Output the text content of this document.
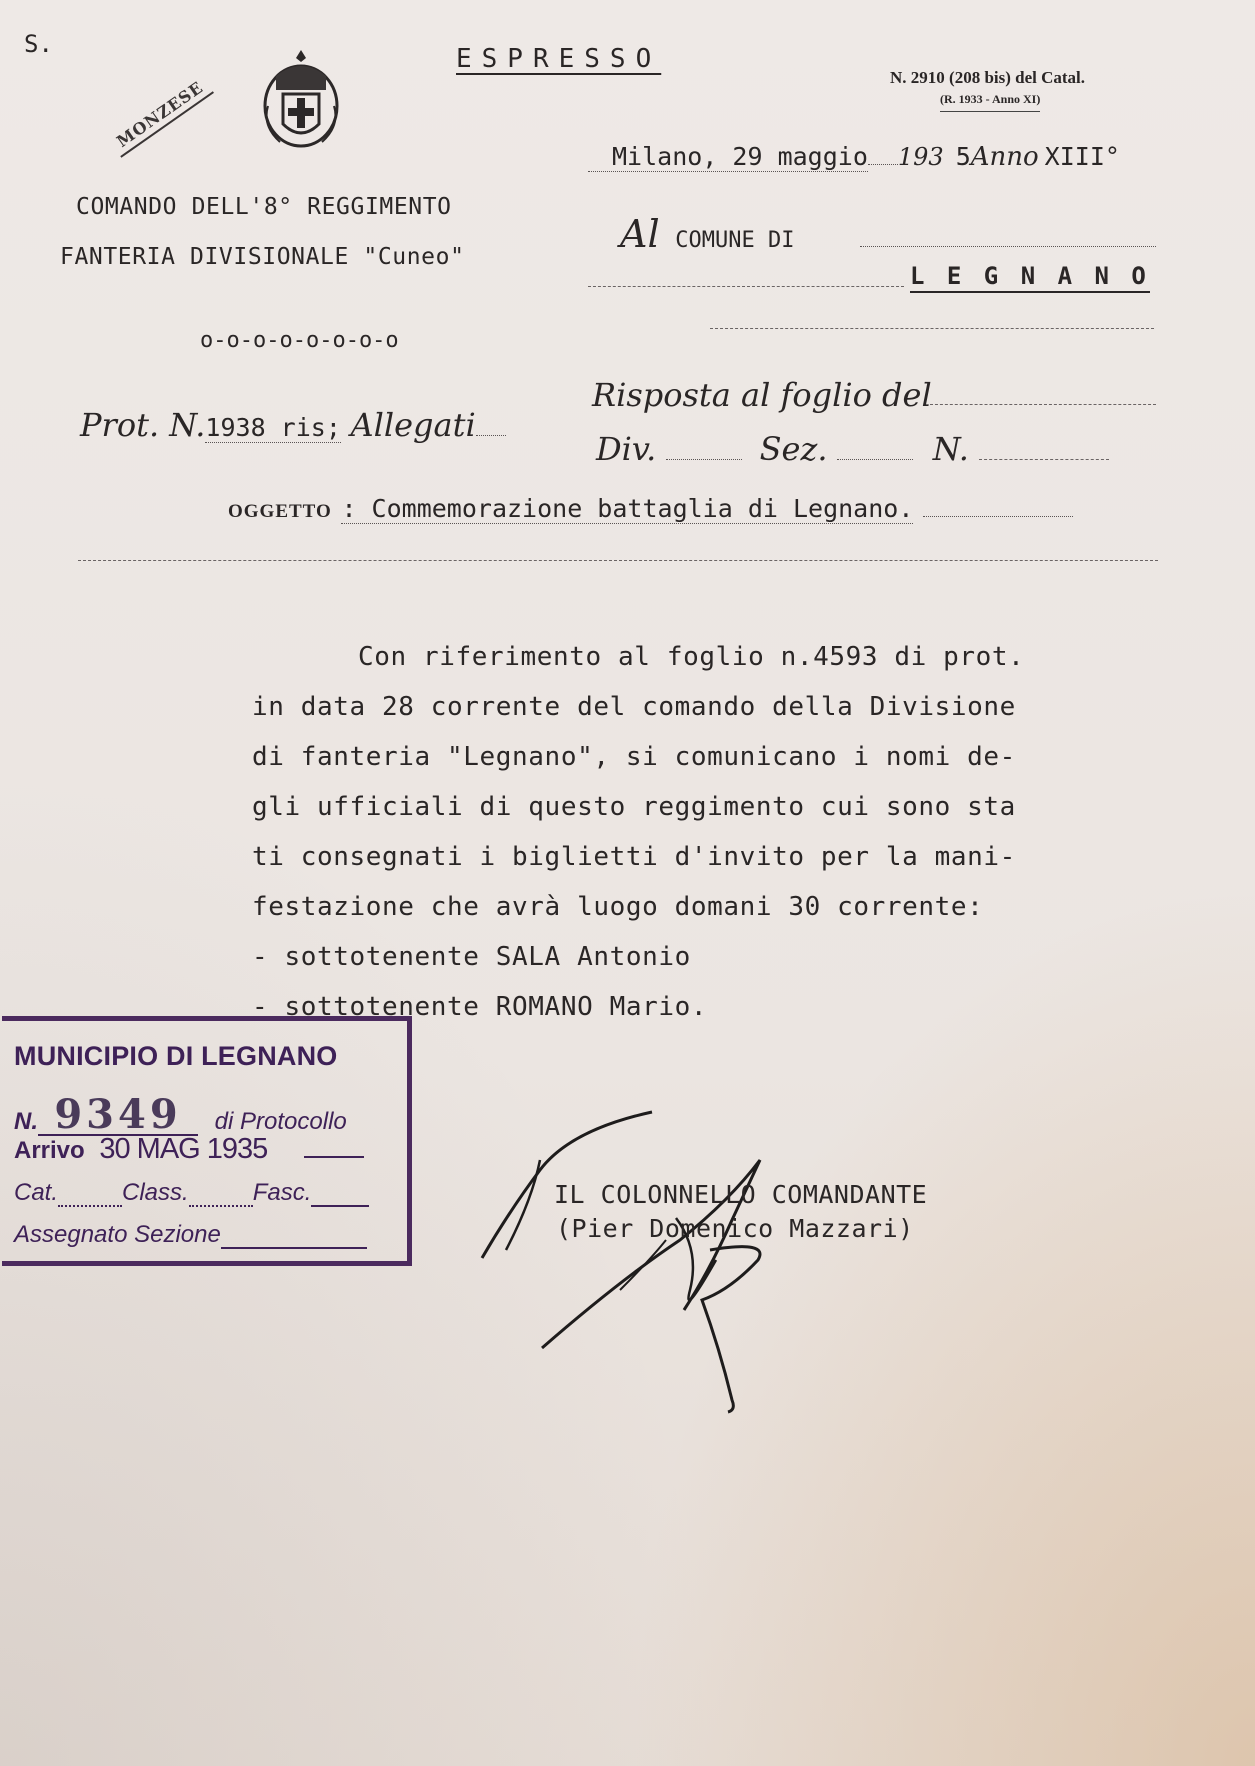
S.
MONZESE
ESPRESSO
N. 2910 (208 bis) del Catal.
(R. 1933 - Anno XI)
Milano, 29 maggio 193 5Anno XIII°
COMANDO DELL'8° REGGIMENTO
FANTERIA DIVISIONALE "Cuneo"
o-o-o-o-o-o-o-o
Al COMUNE DI
L E G N A N O
Prot. N.1938 ris; Allegati
Risposta al foglio del
Div.	Sez.	N.
OGGETTO : Commemorazione battaglia di Legnano.
Con riferimento al foglio n.4593 di prot.
in data 28 corrente del comando della Divisione
di fanteria "Legnano", si comunicano i nomi de-
gli ufficiali di questo reggimento cui sono sta
ti consegnati i biglietti d'invito per la mani-
festazione che avrà luogo domani 30 corrente:
- sottotenente SALA Antonio
- sottotenente ROMANO Mario.
MUNICIPIO DI LEGNANO
N. 9349 di Protocollo
Arrivo 30 MAG 1935
Cat.	Class.	Fasc.
Assegnato Sezione
IL COLONNELLO COMANDANTE
(Pier Domenico Mazzari)
